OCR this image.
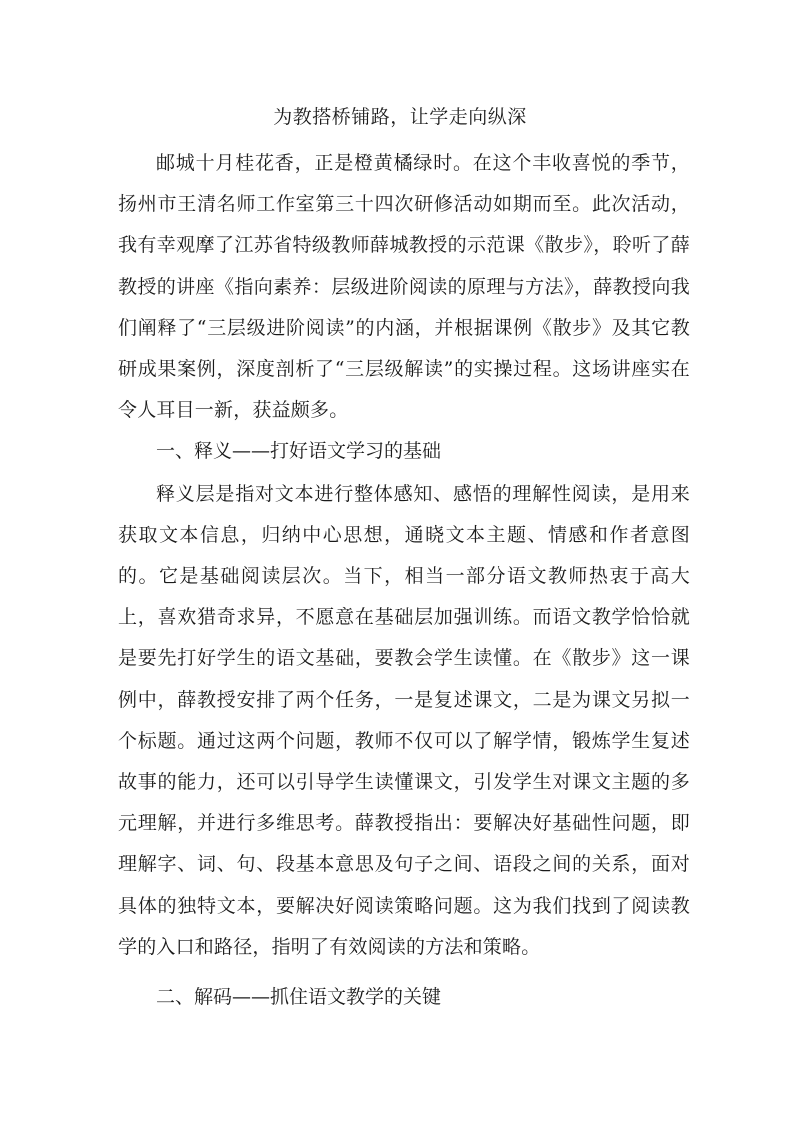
为教搭桥铺路，让学走向纵深

邮城十月桂花香，正是橙黄橘绿时。在这个丰收喜悦的季节，扬州市王清名师工作室第三十四次研修活动如期而至。此次活动，我有幸观摩了江苏省特级教师薛城教授的示范课《散步》，聆听了薛教授的讲座《指向素养：层级进阶阅读的原理与方法》，薛教授向我们阐释了“三层级进阶阅读”的内涵，并根据课例《散步》及其它教研成果案例，深度剖析了“三层级解读”的实操过程。这场讲座实在令人耳目一新，获益颇多。

一、释义——打好语文学习的基础

释义层是指对文本进行整体感知、感悟的理解性阅读，是用来获取文本信息，归纳中心思想，通晓文本主题、情感和作者意图的。它是基础阅读层次。当下，相当一部分语文教师热衷于高大上，喜欢猎奇求异，不愿意在基础层加强训练。而语文教学恰恰就是要先打好学生的语文基础，要教会学生读懂。在《散步》这一课例中，薛教授安排了两个任务，一是复述课文，二是为课文另拟一个标题。通过这两个问题，教师不仅可以了解学情，锻炼学生复述故事的能力，还可以引导学生读懂课文，引发学生对课文主题的多元理解，并进行多维思考。薛教授指出：要解决好基础性问题，即理解字、词、句、段基本意思及句子之间、语段之间的关系，面对具体的独特文本，要解决好阅读策略问题。这为我们找到了阅读教学的入口和路径，指明了有效阅读的方法和策略。

二、解码——抓住语文教学的关键
